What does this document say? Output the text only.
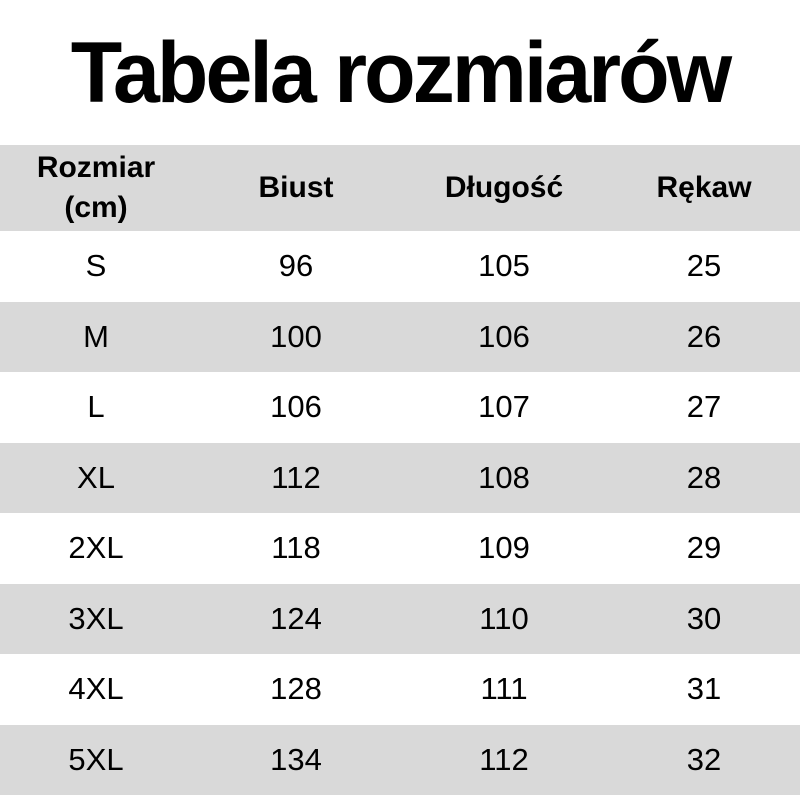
Tabela rozmiarów
Rozmiar
(cm)	Biust	Długość	Rękaw
S	96	105	25
M	100	106	26
L	106	107	27
XL	112	108	28
2XL	118	109	29
3XL	124	110	30
4XL	128	111	31
5XL	134	112	32
